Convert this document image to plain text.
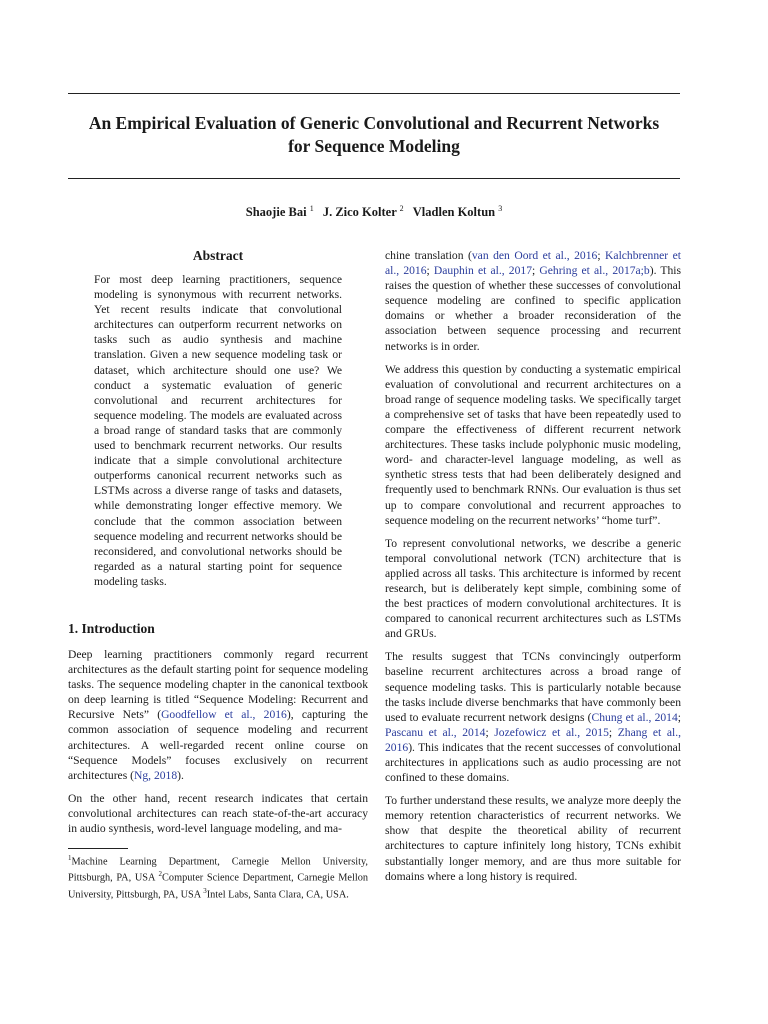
An Empirical Evaluation of Generic Convolutional and Recurrent Networks
for Sequence Modeling
Shaojie Bai $^1$ J. Zico Kolter $^2$ Vladlen Koltun $^3$
Abstract
For most deep learning practitioners, sequence modeling is synonymous with recurrent networks. Yet recent results indicate that convolutional architectures can outperform recurrent networks on tasks such as audio synthesis and machine translation. Given a new sequence modeling task or dataset, which architecture should one use? We conduct a systematic evaluation of generic convolutional and recurrent architectures for sequence modeling. The models are evaluated across a broad range of standard tasks that are commonly used to benchmark recurrent networks. Our results indicate that a simple convolutional architecture outperforms canonical recurrent networks such as LSTMs across a diverse range of tasks and datasets, while demonstrating longer effective memory. We conclude that the common association between sequence modeling and recurrent networks should be reconsidered, and convolutional networks should be regarded as a natural starting point for sequence modeling tasks.
1. Introduction

Deep learning practitioners commonly regard recurrent architectures as the default starting point for sequence modeling tasks. The sequence modeling chapter in the canonical textbook on deep learning is titled “Sequence Modeling: Recurrent and Recursive Nets” (Goodfellow et al., 2016), capturing the common association of sequence modeling and recurrent architectures. A well-regarded recent online course on “Sequence Models” focuses exclusively on recurrent architectures (Ng, 2018).

On the other hand, recent research indicates that certain convolutional architectures can reach state-of-the-art accuracy in audio synthesis, word-level language modeling, and ma-

$^1$Machine Learning Department, Carnegie Mellon University, Pittsburgh, PA, USA $^2$Computer Science Department, Carnegie Mellon University, Pittsburgh, PA, USA $^3$Intel Labs, Santa Clara, CA, USA.

chine translation (van den Oord et al., 2016; Kalchbrenner et al., 2016; Dauphin et al., 2017; Gehring et al., 2017a;b). This raises the question of whether these successes of convolutional sequence modeling are confined to specific application domains or whether a broader reconsideration of the association between sequence processing and recurrent networks is in order.

We address this question by conducting a systematic empirical evaluation of convolutional and recurrent architectures on a broad range of sequence modeling tasks. We specifically target a comprehensive set of tasks that have been repeatedly used to compare the effectiveness of different recurrent network architectures. These tasks include polyphonic music modeling, word- and character-level language modeling, as well as synthetic stress tests that had been deliberately designed and frequently used to benchmark RNNs. Our evaluation is thus set up to compare convolutional and recurrent approaches to sequence modeling on the recurrent networks’ “home turf”.

To represent convolutional networks, we describe a generic temporal convolutional network (TCN) architecture that is applied across all tasks. This architecture is informed by recent research, but is deliberately kept simple, combining some of the best practices of modern convolutional architectures. It is compared to canonical recurrent architectures such as LSTMs and GRUs.

The results suggest that TCNs convincingly outperform baseline recurrent architectures across a broad range of sequence modeling tasks. This is particularly notable because the tasks include diverse benchmarks that have commonly been used to evaluate recurrent network designs (Chung et al., 2014; Pascanu et al., 2014; Jozefowicz et al., 2015; Zhang et al., 2016). This indicates that the recent successes of convolutional architectures in applications such as audio processing are not confined to these domains.

To further understand these results, we analyze more deeply the memory retention characteristics of recurrent networks. We show that despite the theoretical ability of recurrent architectures to capture infinitely long history, TCNs exhibit substantially longer memory, and are thus more suitable for domains where a long history is required.
